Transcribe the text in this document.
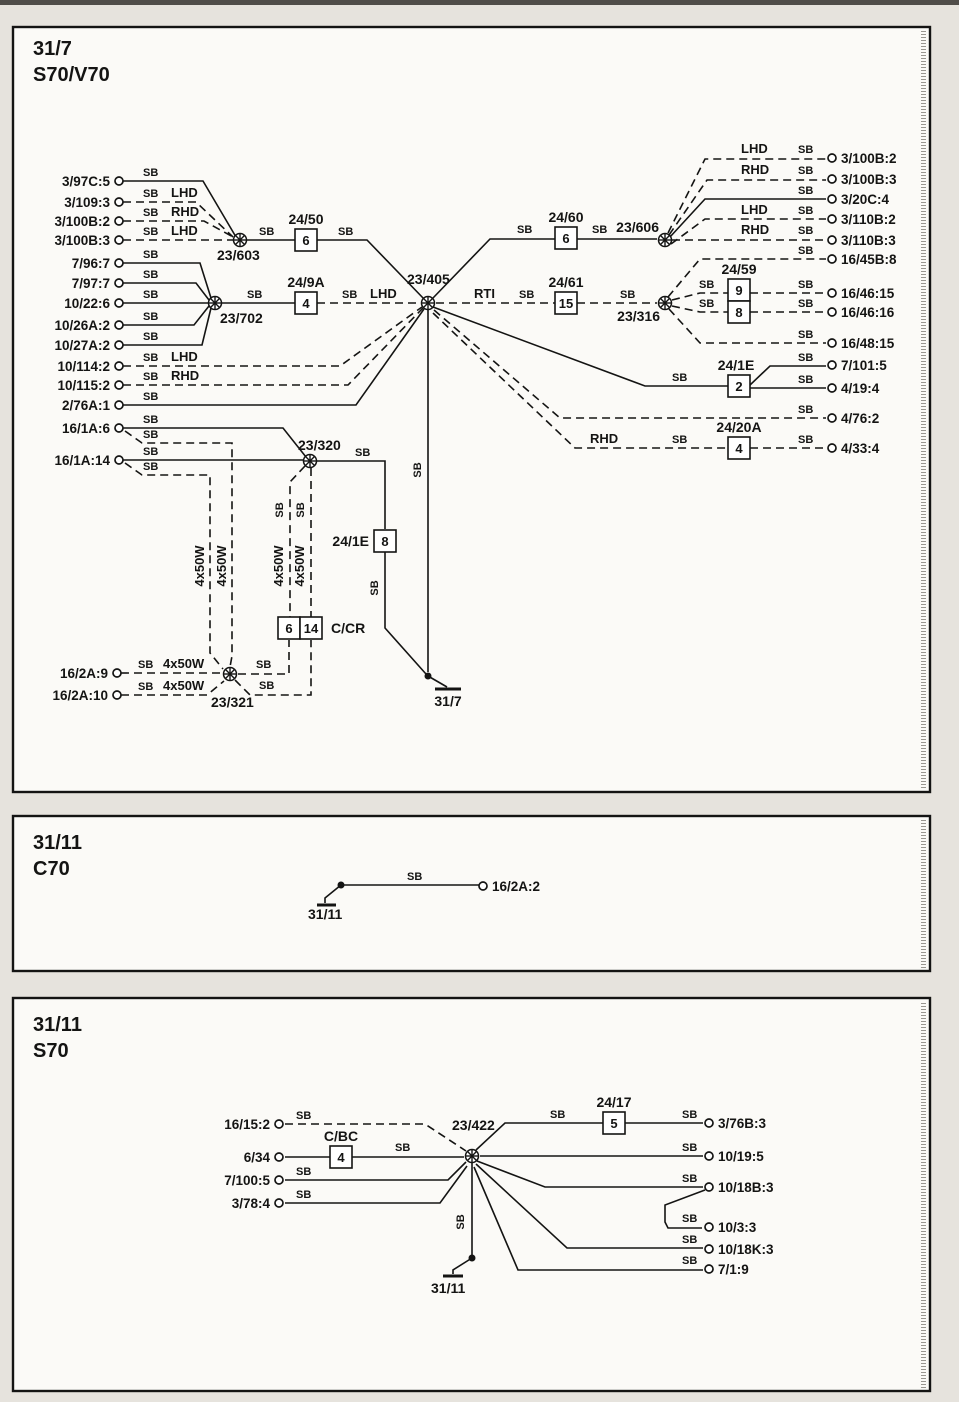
31/7
S70/V70
SB
SB
SB
SB
SB
SB
SB
SB
SB
SB
SB
SB
SB
SB
SB
SB
LHD
RHD
LHD
LHD
RHD
SB	SB
SB	SB LHD	RTI SB	SB
SB	SB
LHD	SB
RHD	SB
SB
LHD	SB
RHD	SB
SB
SB	SB
SB	SB
SB
SB
SB
SB
SB
RHD	SB	SB
SB
SB 4x50W
SB 4x50W
SB
SB
SB
SB
SB SB
4x50W 4x50W	4x50W 4x50W
6
24/50
4
24/9A
6
24/60
15
24/61
9
8
24/59
2
24/1E
4
24/20A
8
24/1E
6 14 C/CR
23/603
23/702
23/405
23/606
23/316
23/320
23/321
3/97C:5
3/109:3
3/100B:2
3/100B:3
7/96:7
7/97:7
10/22:6
10/26A:2
10/27A:2
10/114:2
10/115:2
2/76A:1
16/1A:6
16/1A:14
16/2A:9
16/2A:10
3/100B:2
3/100B:3
3/20C:4
3/110B:2
3/110B:3
16/45B:8
16/46:15
16/46:16
16/48:15
7/101:5
4/19:4
4/76:2
4/33:4
31/7
31/11
C70	SB
16/2A:2
31/11
31/11
S70
SB
SB
SB
SB
SB	SB
SB
SB
SB
SB
SB
SB
4
C/BC
5
24/17
23/422
16/15:2
6/34
7/100:5
3/78:4
3/76B:3
10/19:5
10/18B:3
10/3:3
10/18K:3
7/1:9
31/11
